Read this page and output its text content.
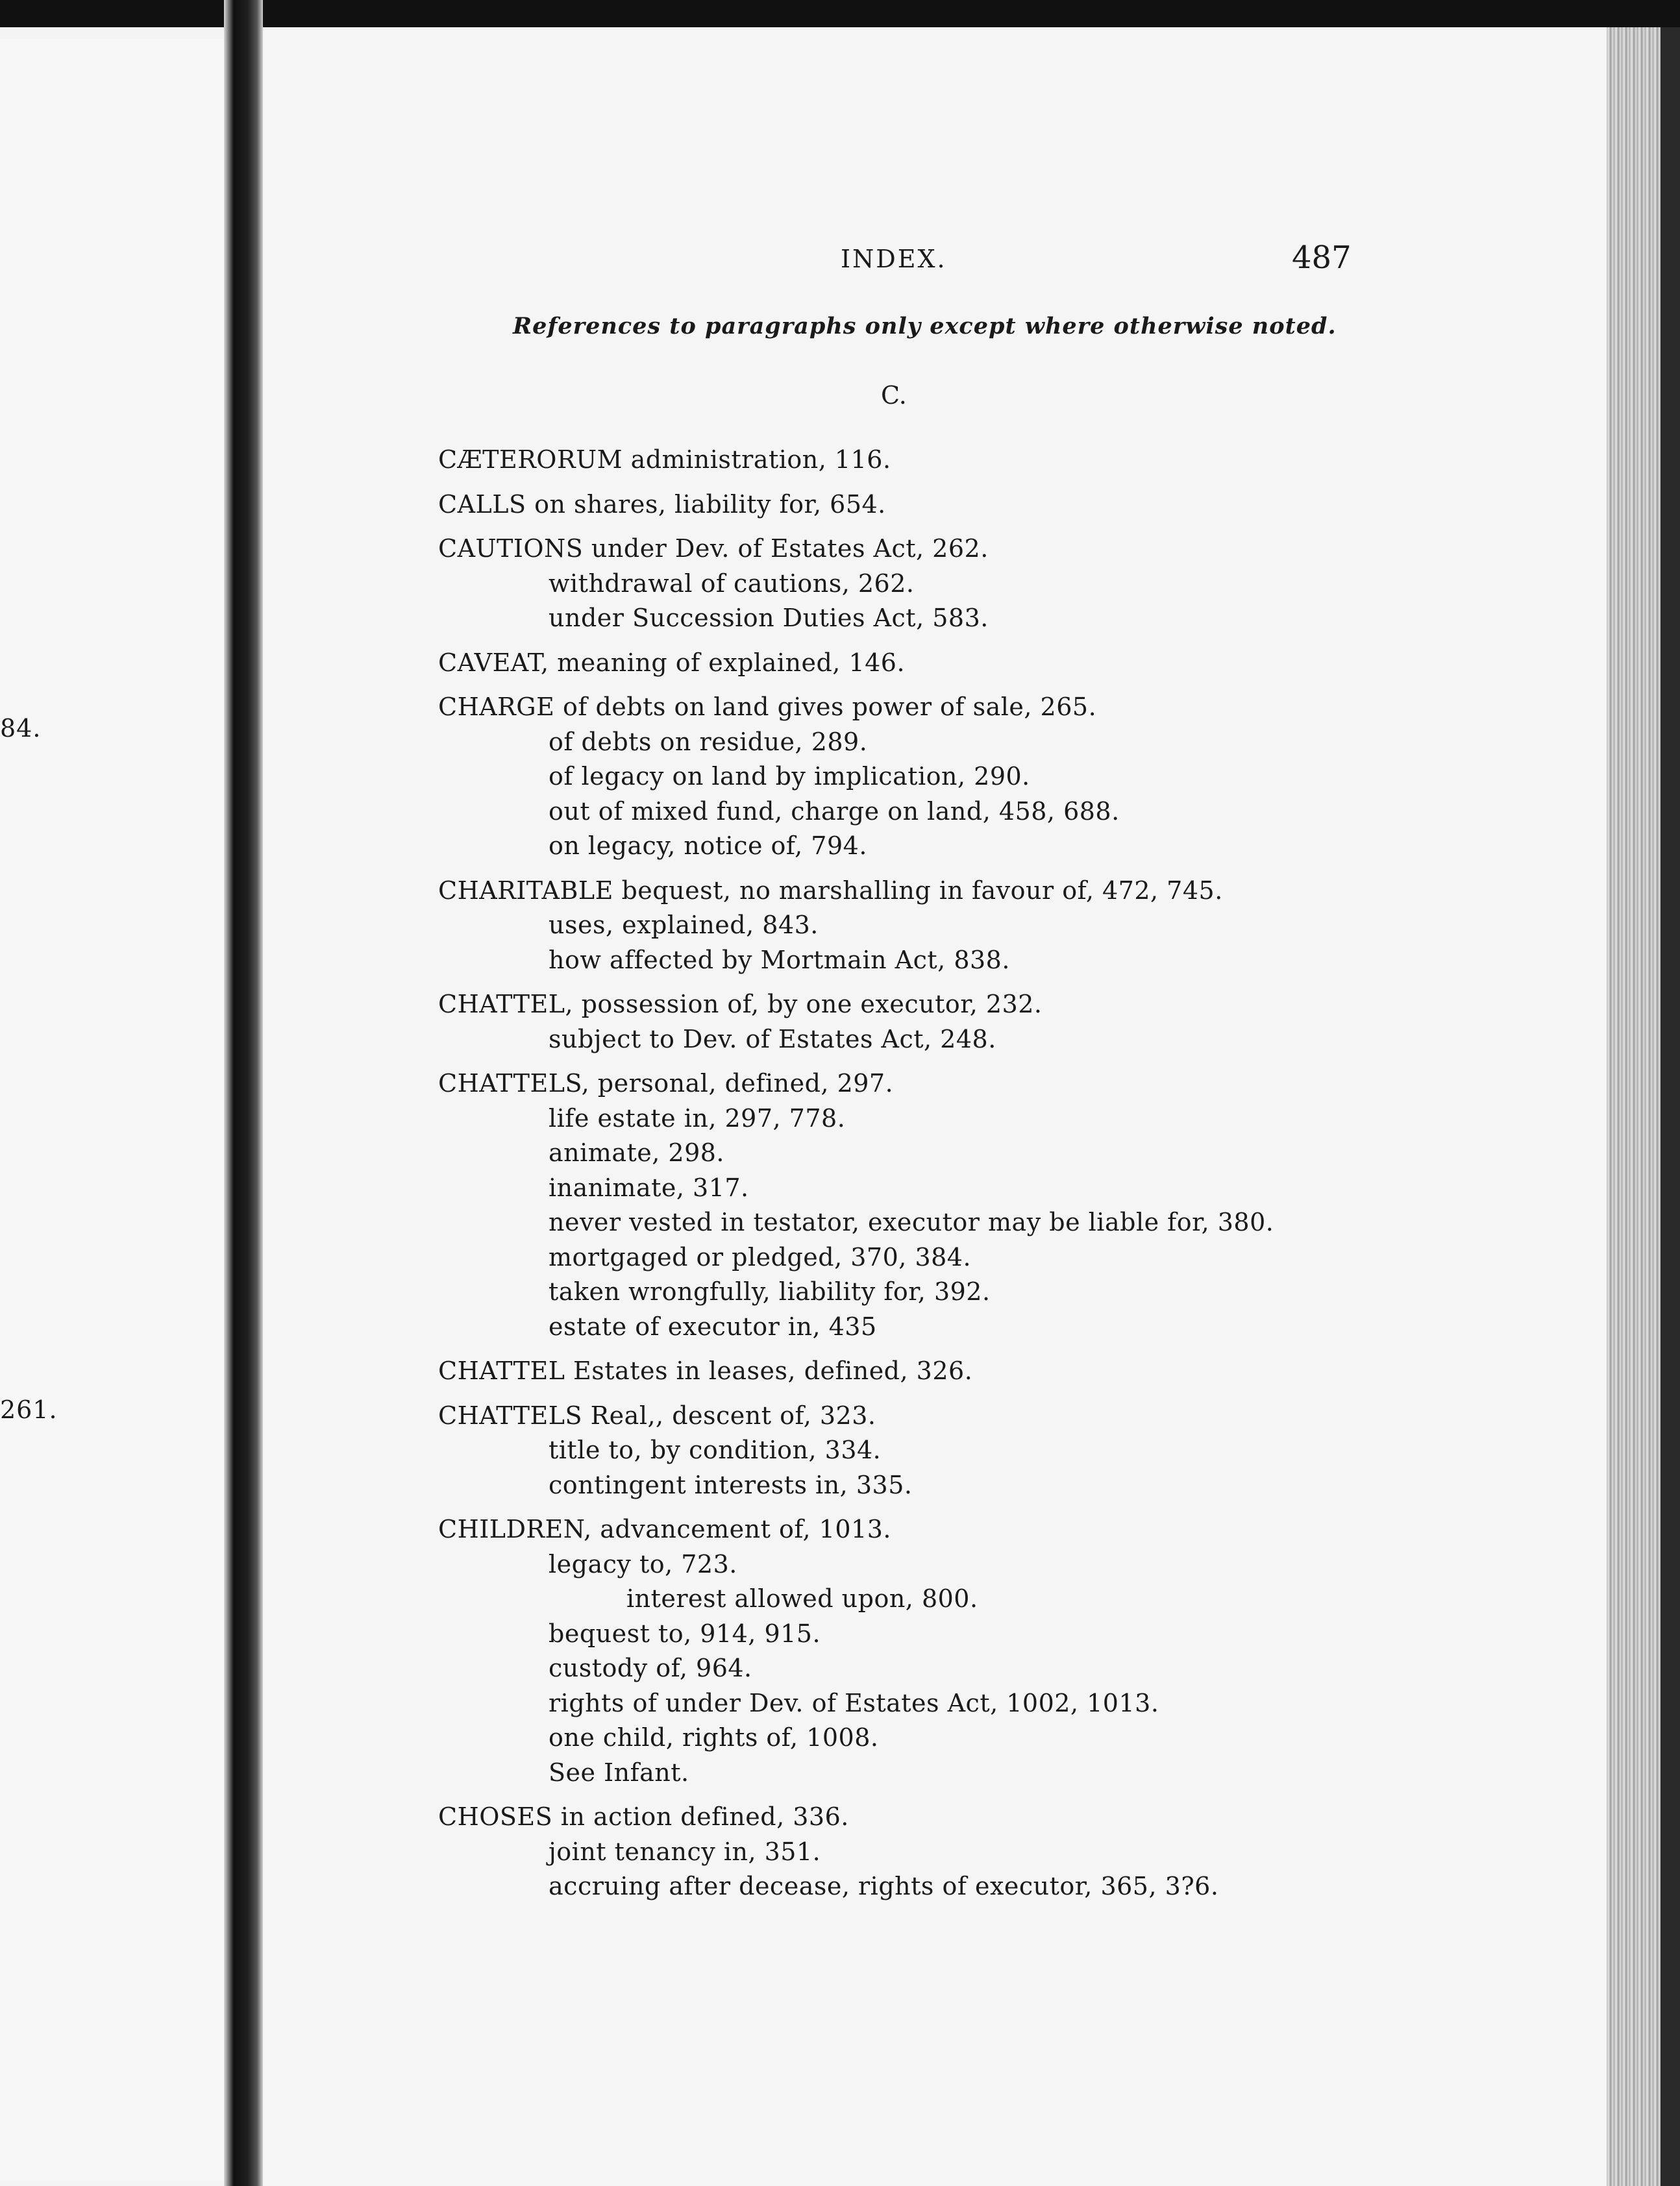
84.
261.
INDEX.	487
References to paragraphs only except where otherwise noted.
C.
CÆTERORUM administration, 116.
CALLS on shares, liability for, 654.
CAUTIONS under Dev. of Estates Act, 262.
withdrawal of cautions, 262.
under Succession Duties Act, 583.
CAVEAT, meaning of explained, 146.
CHARGE of debts on land gives power of sale, 265.
of debts on residue, 289.
of legacy on land by implication, 290.
out of mixed fund, charge on land, 458, 688.
on legacy, notice of, 794.
CHARITABLE bequest, no marshalling in favour of, 472, 745.
uses, explained, 843.
how affected by Mortmain Act, 838.
CHATTEL, possession of, by one executor, 232.
subject to Dev. of Estates Act, 248.
CHATTELS, personal, defined, 297.
life estate in, 297, 778.
animate, 298.
inanimate, 317.
never vested in testator, executor may be liable for, 380.
mortgaged or pledged, 370, 384.
taken wrongfully, liability for, 392.
estate of executor in, 435
CHATTEL Estates in leases, defined, 326.
CHATTELS Real,, descent of, 323.
title to, by condition, 334.
contingent interests in, 335.
CHILDREN, advancement of, 1013.
legacy to, 723.
interest allowed upon, 800.
bequest to, 914, 915.
custody of, 964.
rights of under Dev. of Estates Act, 1002, 1013.
one child, rights of, 1008.
See Infant.
CHOSES in action defined, 336.
joint tenancy in, 351.
accruing after decease, rights of executor, 365, 3?6.
